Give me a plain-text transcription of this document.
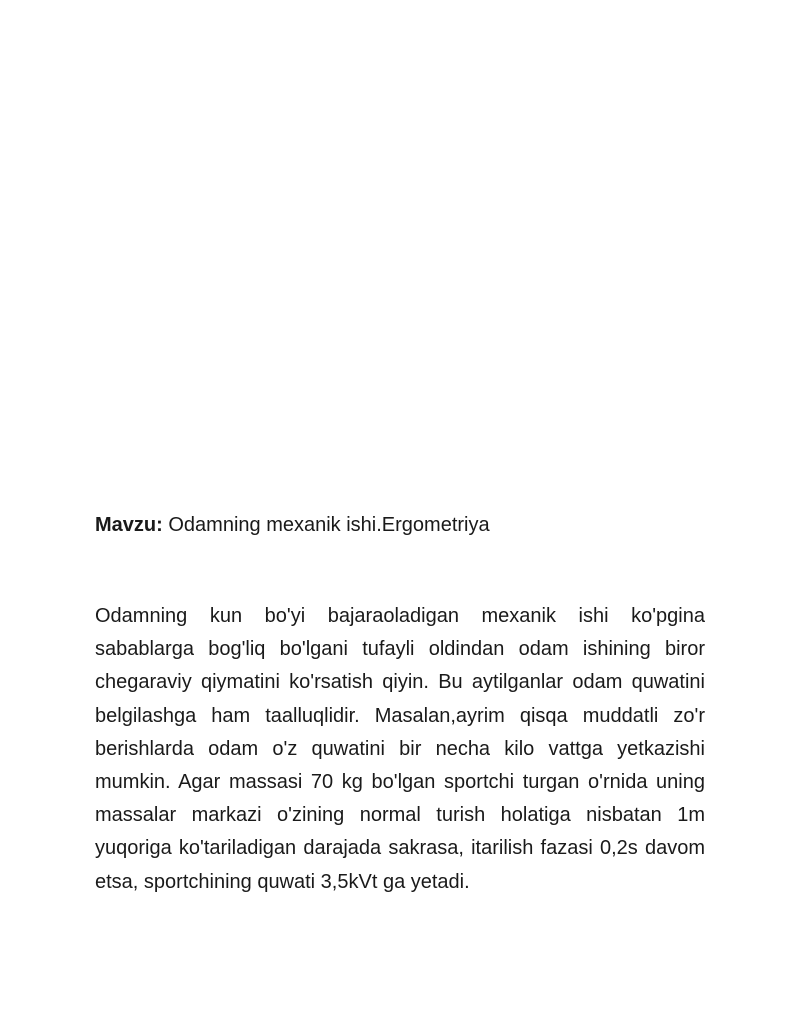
Mavzu: Odamning mexanik ishi.Ergometriya

Odamning kun bo'yi bajaraoladigan mexanik ishi ko'pgina sabablarga bog'liq bo'lgani tufayli oldindan odam ishining biror chegaraviy qiymatini ko'rsatish qiyin. Bu aytilganlar odam quwatini belgilashga ham taalluqlidir. Masalan,ayrim qisqa muddatli zo'r berishlarda odam o'z quwatini bir necha kilo vattga yetkazishi mumkin. Agar massasi 70 kg bo'lgan sportchi turgan o'rnida uning massalar markazi o'zining normal turish holatiga nisbatan 1m yuqoriga ko'tariladigan darajada sakrasa, itarilish fazasi 0,2s davom etsa, sportchining quwati 3,5kVt ga yetadi.
